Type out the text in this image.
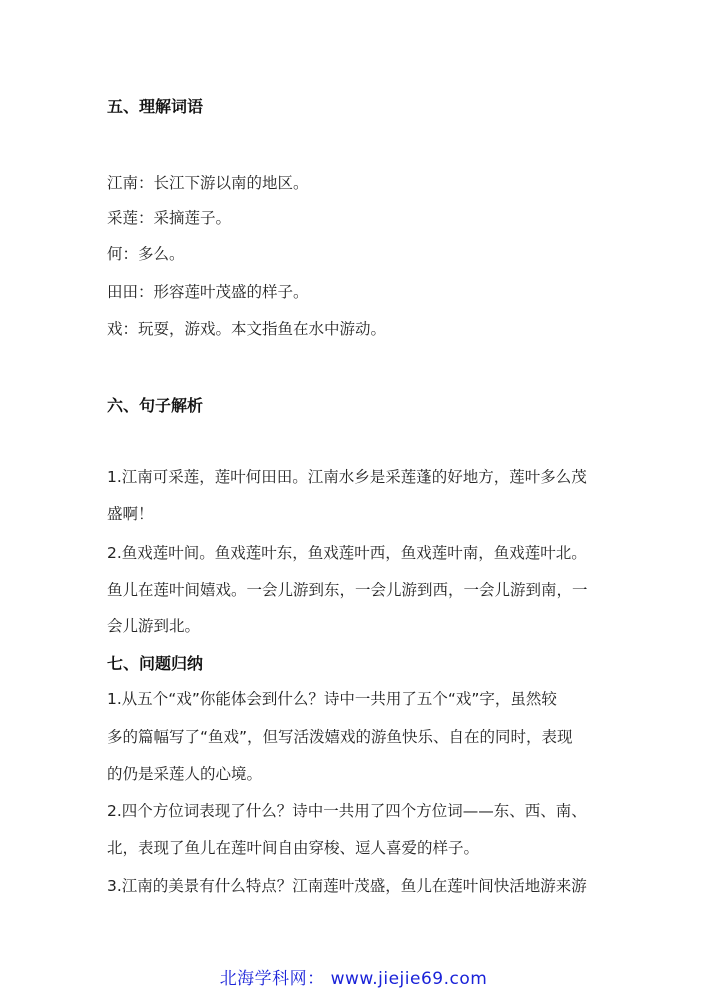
五、理解词语
江南：长江下游以南的地区。
采莲：采摘莲子。
何：多么。
田田：形容莲叶茂盛的样子。
戏：玩耍，游戏。本文指鱼在水中游动。
六、句子解析
1.江南可采莲，莲叶何田田。江南水乡是采莲蓬的好地方，莲叶多么茂
盛啊！
2.鱼戏莲叶间。鱼戏莲叶东，鱼戏莲叶西，鱼戏莲叶南，鱼戏莲叶北。
鱼儿在莲叶间嬉戏。一会儿游到东，一会儿游到西，一会儿游到南，一
会儿游到北。
七、问题归纳
1.从五个“戏”你能体会到什么？诗中一共用了五个“戏”字，虽然较
多的篇幅写了“鱼戏”，但写活泼嬉戏的游鱼快乐、自在的同时，表现
的仍是采莲人的心境。
2.四个方位词表现了什么？诗中一共用了四个方位词——东、西、南、
北，表现了鱼儿在莲叶间自由穿梭、逗人喜爱的样子。
3.江南的美景有什么特点？江南莲叶茂盛，鱼儿在莲叶间快活地游来游
北海学科网： www.jiejie69.com
